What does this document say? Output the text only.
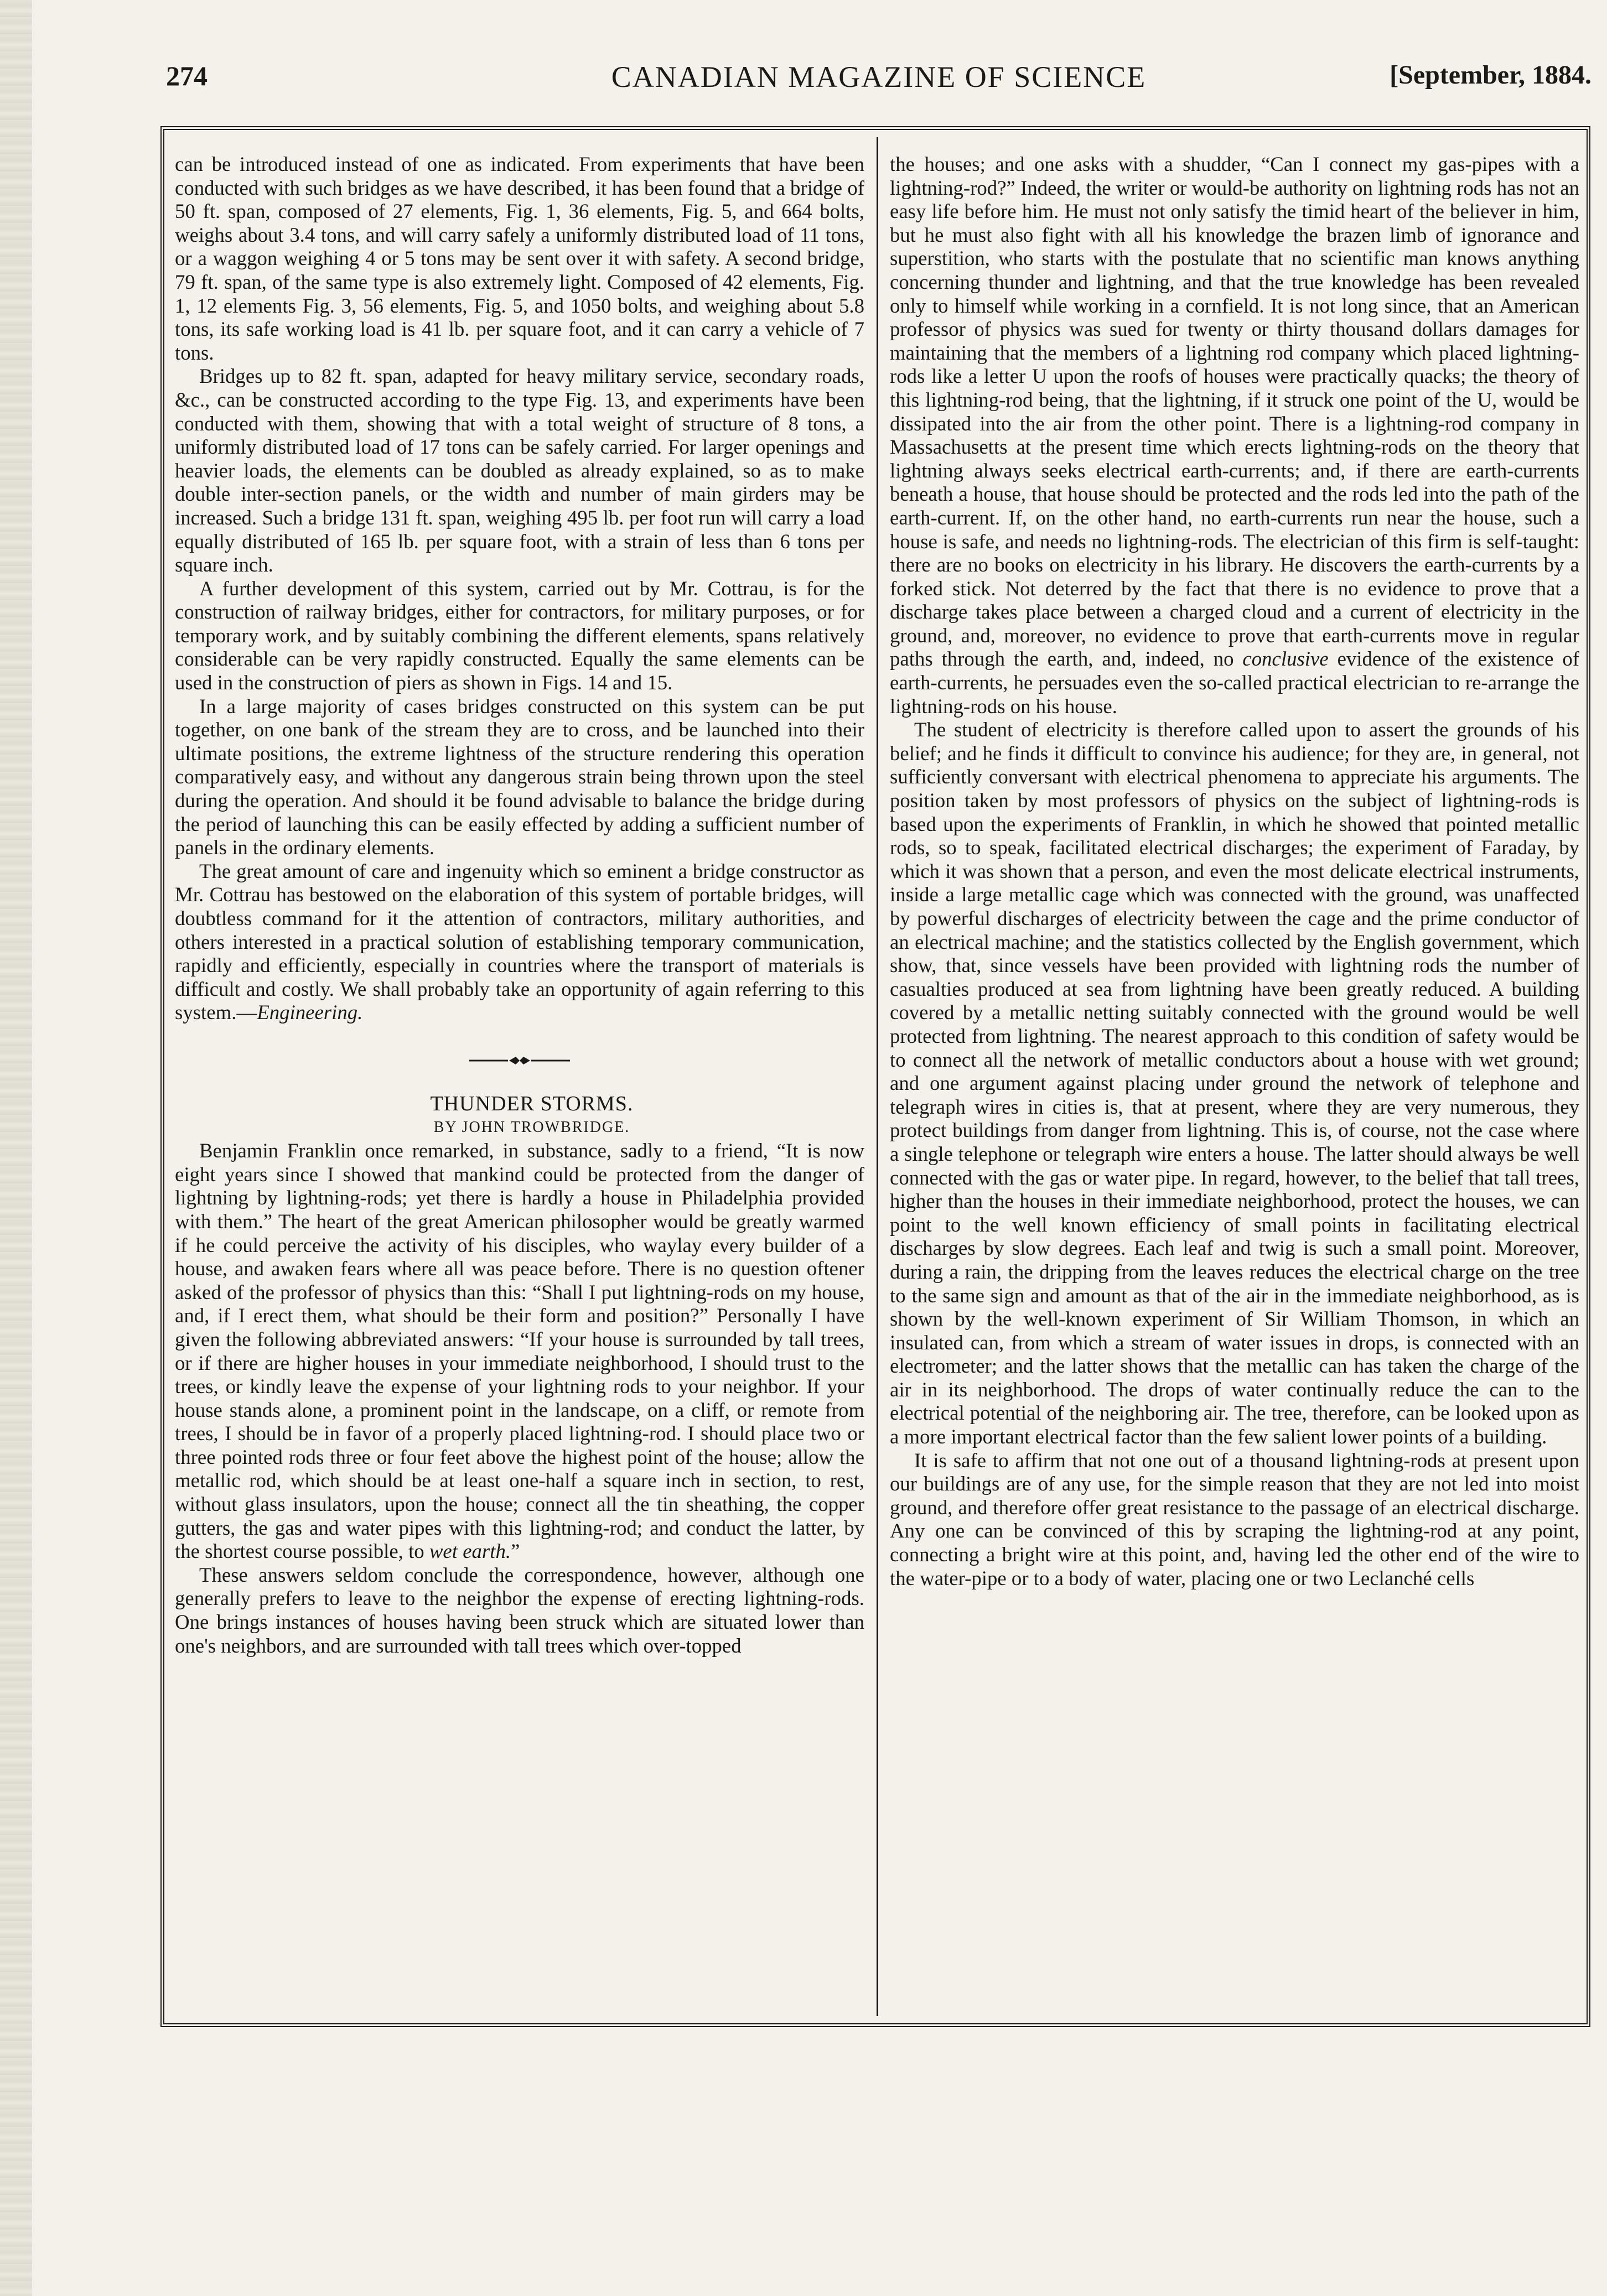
CANADIAN MAGAZINE OF SCIENCE
274	[September, 1884.

can be introduced instead of one as indicated. From experiments that have been conducted with such bridges as we have described, it has been found that a bridge of 50 ft. span, composed of 27 elements, Fig. 1, 36 elements, Fig. 5, and 664 bolts, weighs about 3.4 tons, and will carry safely a uniformly distributed load of 11 tons, or a waggon weighing 4 or 5 tons may be sent over it with safety. A second bridge, 79 ft. span, of the same type is also extremely light. Composed of 42 elements, Fig. 1, 12 elements Fig. 3, 56 elements, Fig. 5, and 1050 bolts, and weighing about 5.8 tons, its safe working load is 41 lb. per square foot, and it can carry a vehicle of 7 tons.

Bridges up to 82 ft. span, adapted for heavy military service, secondary roads, &c., can be constructed according to the type Fig. 13, and experiments have been conducted with them, showing that with a total weight of structure of 8 tons, a uniformly distributed load of 17 tons can be safely carried. For larger openings and heavier loads, the elements can be doubled as already explained, so as to make double inter-section panels, or the width and number of main girders may be increased. Such a bridge 131 ft. span, weighing 495 lb. per foot run will carry a load equally distributed of 165 lb. per square foot, with a strain of less than 6 tons per square inch.

A further development of this system, carried out by Mr. Cottrau, is for the construction of railway bridges, either for contractors, for military purposes, or for temporary work, and by suitably combining the different elements, spans relatively considerable can be very rapidly constructed. Equally the same elements can be used in the construction of piers as shown in Figs. 14 and 15.

In a large majority of cases bridges constructed on this system can be put together, on one bank of the stream they are to cross, and be launched into their ultimate positions, the extreme lightness of the structure rendering this operation comparatively easy, and without any dangerous strain being thrown upon the steel during the operation. And should it be found advisable to balance the bridge during the period of launching this can be easily effected by adding a sufficient number of panels in the ordinary elements.

The great amount of care and ingenuity which so eminent a bridge constructor as Mr. Cottrau has bestowed on the elaboration of this system of portable bridges, will doubtless command for it the attention of contractors, military authorities, and others interested in a practical solution of establishing temporary communication, rapidly and efficiently, especially in countries where the transport of materials is difficult and costly. We shall probably take an opportunity of again referring to this system.—Engineering.

THUNDER STORMS.

BY JOHN TROWBRIDGE.

Benjamin Franklin once remarked, in substance, sadly to a friend, “It is now eight years since I showed that mankind could be protected from the danger of lightning by lightning-rods; yet there is hardly a house in Philadelphia provided with them.” The heart of the great American philosopher would be greatly warmed if he could perceive the activity of his disciples, who waylay every builder of a house, and awaken fears where all was peace before. There is no question oftener asked of the professor of physics than this: “Shall I put lightning-rods on my house, and, if I erect them, what should be their form and position?” Personally I have given the following abbreviated answers: “If your house is surrounded by tall trees, or if there are higher houses in your immediate neighborhood, I should trust to the trees, or kindly leave the expense of your lightning rods to your neighbor. If your house stands alone, a prominent point in the landscape, on a cliff, or remote from trees, I should be in favor of a properly placed lightning-rod. I should place two or three pointed rods three or four feet above the highest point of the house; allow the metallic rod, which should be at least one-half a square inch in section, to rest, without glass insulators, upon the house; connect all the tin sheathing, the copper gutters, the gas and water pipes with this lightning-rod; and conduct the latter, by the shortest course possible, to wet earth.”

These answers seldom conclude the correspondence, however, although one generally prefers to leave to the neighbor the expense of erecting lightning-rods. One brings instances of houses having been struck which are situated lower than one's neighbors, and are surrounded with tall trees which over-topped

the houses; and one asks with a shudder, “Can I connect my gas-pipes with a lightning-rod?” Indeed, the writer or would-be authority on lightning rods has not an easy life before him. He must not only satisfy the timid heart of the believer in him, but he must also fight with all his knowledge the brazen limb of ignorance and superstition, who starts with the postulate that no scientific man knows anything concerning thunder and lightning, and that the true knowledge has been revealed only to himself while working in a cornfield. It is not long since, that an American professor of physics was sued for twenty or thirty thousand dollars damages for maintaining that the members of a lightning rod company which placed lightning-rods like a letter U upon the roofs of houses were practically quacks; the theory of this lightning-rod being, that the lightning, if it struck one point of the U, would be dissipated into the air from the other point. There is a lightning-rod company in Massachusetts at the present time which erects lightning-rods on the theory that lightning always seeks electrical earth-currents; and, if there are earth-currents beneath a house, that house should be protected and the rods led into the path of the earth-current. If, on the other hand, no earth-currents run near the house, such a house is safe, and needs no lightning-rods. The electrician of this firm is self-taught: there are no books on electricity in his library. He discovers the earth-currents by a forked stick. Not deterred by the fact that there is no evidence to prove that a discharge takes place between a charged cloud and a current of electricity in the ground, and, moreover, no evidence to prove that earth-currents move in regular paths through the earth, and, indeed, no conclusive evidence of the existence of earth-currents, he persuades even the so-called practical electrician to re-arrange the lightning-rods on his house.

The student of electricity is therefore called upon to assert the grounds of his belief; and he finds it difficult to convince his audience; for they are, in general, not sufficiently conversant with electrical phenomena to appreciate his arguments. The position taken by most professors of physics on the subject of lightning-rods is based upon the experiments of Franklin, in which he showed that pointed metallic rods, so to speak, facilitated electrical discharges; the experiment of Faraday, by which it was shown that a person, and even the most delicate electrical instruments, inside a large metallic cage which was connected with the ground, was unaffected by powerful discharges of electricity between the cage and the prime conductor of an electrical machine; and the statistics collected by the English government, which show, that, since vessels have been provided with lightning rods the number of casualties produced at sea from lightning have been greatly reduced. A building covered by a metallic netting suitably connected with the ground would be well protected from lightning. The nearest approach to this condition of safety would be to connect all the network of metallic conductors about a house with wet ground; and one argument against placing under ground the network of telephone and telegraph wires in cities is, that at present, where they are very numerous, they protect buildings from danger from lightning. This is, of course, not the case where a single telephone or telegraph wire enters a house. The latter should always be well connected with the gas or water pipe. In regard, however, to the belief that tall trees, higher than the houses in their immediate neighborhood, protect the houses, we can point to the well known efficiency of small points in facilitating electrical discharges by slow degrees. Each leaf and twig is such a small point. Moreover, during a rain, the dripping from the leaves reduces the electrical charge on the tree to the same sign and amount as that of the air in the immediate neighborhood, as is shown by the well-known experiment of Sir William Thomson, in which an insulated can, from which a stream of water issues in drops, is connected with an electrometer; and the latter shows that the metallic can has taken the charge of the air in its neighborhood. The drops of water continually reduce the can to the electrical potential of the neighboring air. The tree, therefore, can be looked upon as a more important electrical factor than the few salient lower points of a building.

It is safe to affirm that not one out of a thousand lightning-rods at present upon our buildings are of any use, for the simple reason that they are not led into moist ground, and therefore offer great resistance to the passage of an electrical discharge. Any one can be convinced of this by scraping the lightning-rod at any point, connecting a bright wire at this point, and, having led the other end of the wire to the water-pipe or to a body of water, placing one or two Leclanché cells
